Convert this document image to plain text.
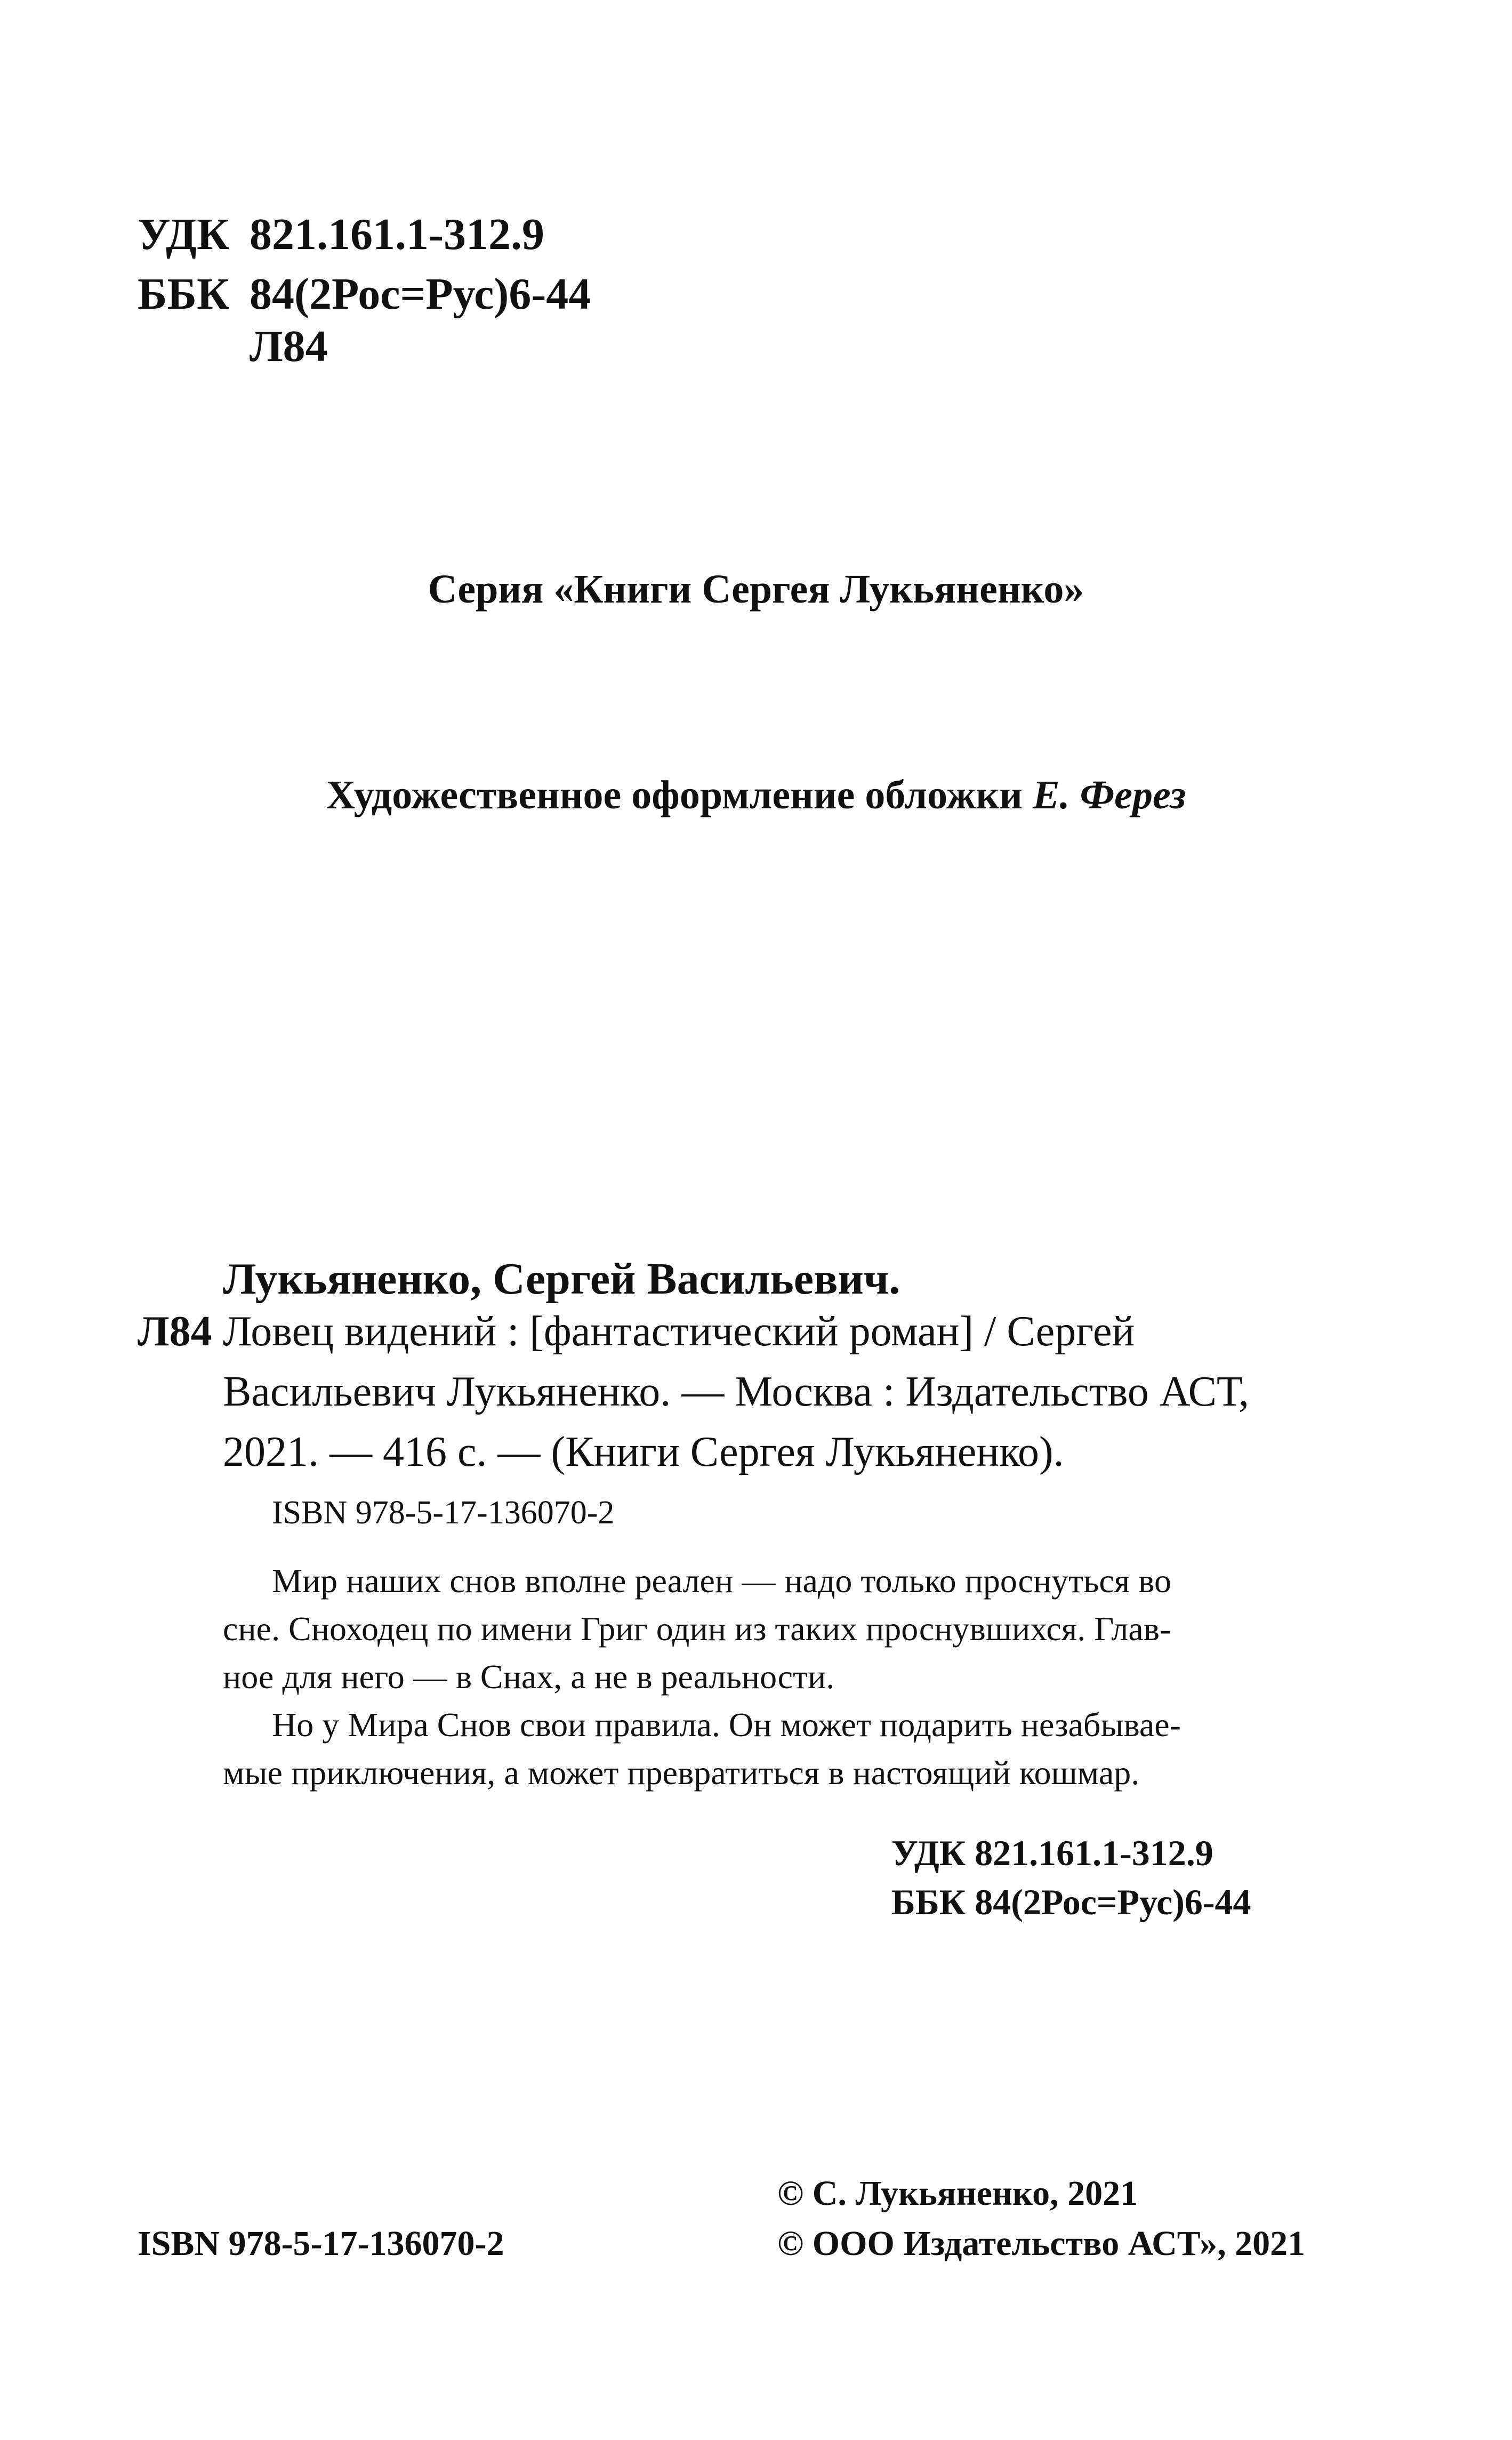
УДК 821.161.1-312.9
ББК 84(2Рос=Рус)6-44
Л84
Серия «Книги Сергея Лукьяненко»
Художественное оформление обложки Е. Ферез
Лукьяненко, Сергей Васильевич.
Л84 Ловец видений : [фантастический роман] / Сергей
Васильевич Лукьяненко. — Москва : Издательство АСТ,
2021. — 416 с. — (Книги Сергея Лукьяненко).
ISBN 978-5-17-136070-2
Мир наших снов вполне реален — надо только проснуться во
сне. Сноходец по имени Григ один из таких проснувшихся. Глав-
ное для него — в Снах, а не в реальности.
Но у Мира Снов свои правила. Он может подарить незабывае-
мые приключения, а может превратиться в настоящий кошмар.
УДК 821.161.1-312.9
ББК 84(2Рос=Рус)6-44
© С. Лукьяненко, 2021
© ООО Издательство АСТ», 2021
ISBN 978-5-17-136070-2
